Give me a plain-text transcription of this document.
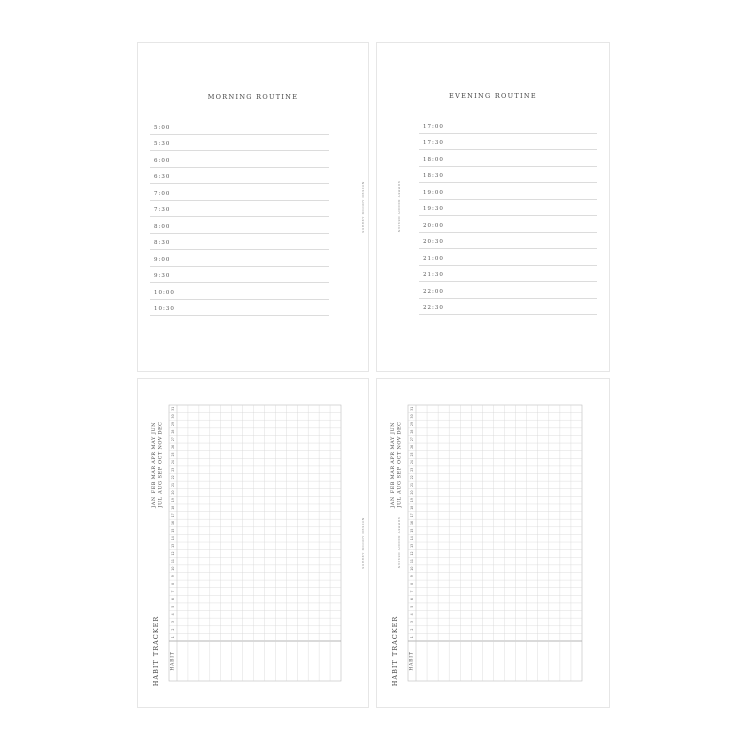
MORNING ROUTINE
5:00
5:30
6:00
6:30
7:00
7:30
8:00
8:30
9:00
9:30
10:00
10:30
SORREY MOODY DESIGN
EVENING ROUTINE
17:00
17:30
18:00
18:30
19:00
19:30
20:00
20:30
21:00
21:30
22:00
22:30
SORREY MOODY DESIGN
1
2
3
4
5
6
7
8
9
10
11
12
13
14
15
16
17
18
19
20
21
22
23
24
25
26
27
28
29
30
31
HABIT
HABIT TRACKER
JAN
FEB
MAR
APR
MAY
JUN
JUL
AUG
SEP
OCT
NOV
DEC
SORREY MOODY DESIGN
1
2
3
4
5
6
7
8
9
10
11
12
13
14
15
16
17
18
19
20
21
22
23
24
25
26
27
28
29
30
31
HABIT
HABIT TRACKER
JAN
FEB
MAR
APR
MAY
JUN
JUL
AUG
SEP
OCT
NOV
DEC
SORREY MOODY DESIGN
